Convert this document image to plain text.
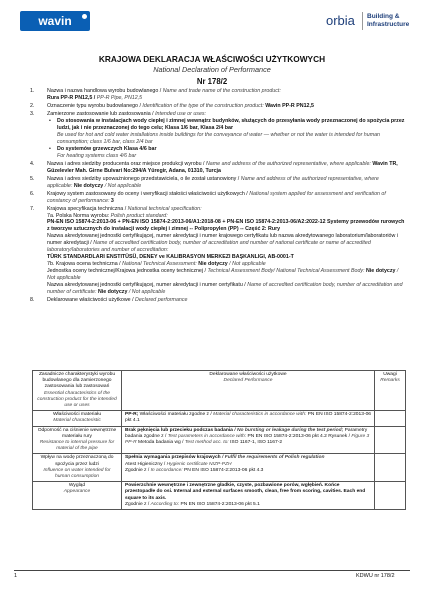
wavin	orbia Building &
Infrastructure
KRAJOWA DEKLARACJA WŁAŚCIWOŚCI UŻYTKOWYCH
National Declaration of Performance
Nr 178/2
1. Nazwa i nazwa handlowa wyrobu budowlanego / Name and trade name of the construction product:
Rura PP-R PN12,5 / PP-R Pipe, PN12,5
2. Oznaczenie typu wyrobu budowlanego / Identification of the type of the construction product: Wavin PP-R PN12,5
3. Zamierzone zastosowanie lub zastosowania / Intended use or uses:
• Do stosowania w instalacjach wody ciepłej i zimnej wewnątrz budynków, służących do przesyłania wody przeznaczonej do spożycia przez ludzi, jak i nie przeznaczonej do tego celu; Klasa 1/6 bar, Klasa 2/4 bar
Be used for hot and cold water installations inside buildings for the conveyance of water — whether or not the water is intended for human consumption; class 1/6 bar, class 2/4 bar
• Do systemów grzewczych Klasa 4/6 bar
For heating systems class 4/6 bar
4. Nazwa i adres siedziby producenta oraz miejsce produkcji wyrobu / Name and address of the authorized representative, where applicable: Wavin TR, Güzelevler Mah. Girne Bulvari No:294/A Yüregir, Adana, 01310, Turcja
5. Nazwa i adres siedziby upoważnionego przedstawiciela, o ile został ustanowiony / Name and address of the authorized representative, where applicable: Nie dotyczy / Not applicable
6. Krajowy system zastosowany do oceny i weryfikacji stałości właściwości użytkowych / National system applied for assessment and verification of constancy of performance: 3
7. Krajowa specyfikacja techniczna / National technical specification:
7a. Polska Norma wyrobu: Polish product standard:
PN-EN ISO 15874-2:2013-06 + PN-EN ISO 15874-2:2013-06/A1:2018-08 + PN-EN ISO 15874-2:2013-06/A2:2022-12 Systemy przewodów rurowych z tworzyw sztucznych do instalacji wody ciepłej i zimnej -- Polipropylen (PP) -- Część 2: Rury
Nazwa akredytowanej jednostki certyfikującej, numer akredytacji i numer krajowego certyfikatu lub nazwa akredytowanego laboratorium/laboratoriów i numer akredytacji / Name of accredited certification body, number of accreditation and number of national certificate or name of accredited laboratory/laboratories and number of accreditation:
TÜRK STANDARDLARI ENSTITÜSÜ, DENEY ve KALIBRASYON MERKEZI BAŞKANLIGI, AB-0001-T
7b. Krajowa ocena techniczna / National Technical Assessment: Nie dotyczy / Not applicable
Jednostka oceny technicznej/Krajowa jednostka oceny technicznej / Technical Assessment Body/ National Technical Assessment Body: Nie dotyczy / Not applicable
Nazwa akredytowanej jednostki certyfikującej, numer akredytacji i numer certyfikatu / Name of accredited certification body, number of accreditation and number of certificate: Nie dotyczy / Not applicable
8. Deklarowane właściwości użytkowe / Declared performance
Zasadnicze charakterystyki wyrobu budowlanego dla zamierzonego zastosowania lub zastosowań
Essential characteristics of the construction product for the intended use or uses	Deklarowane właściwości użytkowe
Declared Performance	Uwagi
Remarks
Właściwości materiału
Material characteristic	PP-R; Właściwości materiału zgodne z / Material characteristics in accordance with: PN EN ISO 15874-2:2013-06 pkt 4.1	
Odporność na ciśnienie wewnętrzne materiału rury
Resistance to internal pressure for material of the pipe	Brak pęknięcia lub przecieku podczas badania / No bursting or leakage during the test period; Parametry badania zgodne z / Test parameters in accordance with: PN EN ISO 15874-2:2013-06 pkt 4.2 Rysunek / Figure 3 PP-R Metoda badania wg / Test method acc. to: ISO 1167-1, ISO 1167-2	
Wpływ na wodę przeznaczoną do spożycia przez ludzi
Influence on water intended for human consumption	Spełnia wymagania przepisów krajowych / Fulfil the requirements of Polish regulation
Atest Higieniczny / Hygienic certificate NIZP-PZH
Zgodnie z / In accordance: PN EN ISO 15874-2:2013-06 pkt 4.3	
Wygląd
Appearance	Powierzchnie wewnętrzne i zewnętrzne gładkie, czyste, pozbawione porów, wgłębień. Końce przestopadłe do osi. Internal and external surfaces smooth, clean, free from scoring, cavities. Each end square to its axis.
Zgodnie z / According to: PN EN ISO 15874-2:2013-06 pkt 5.1	
1	KDWU nr 178/2
